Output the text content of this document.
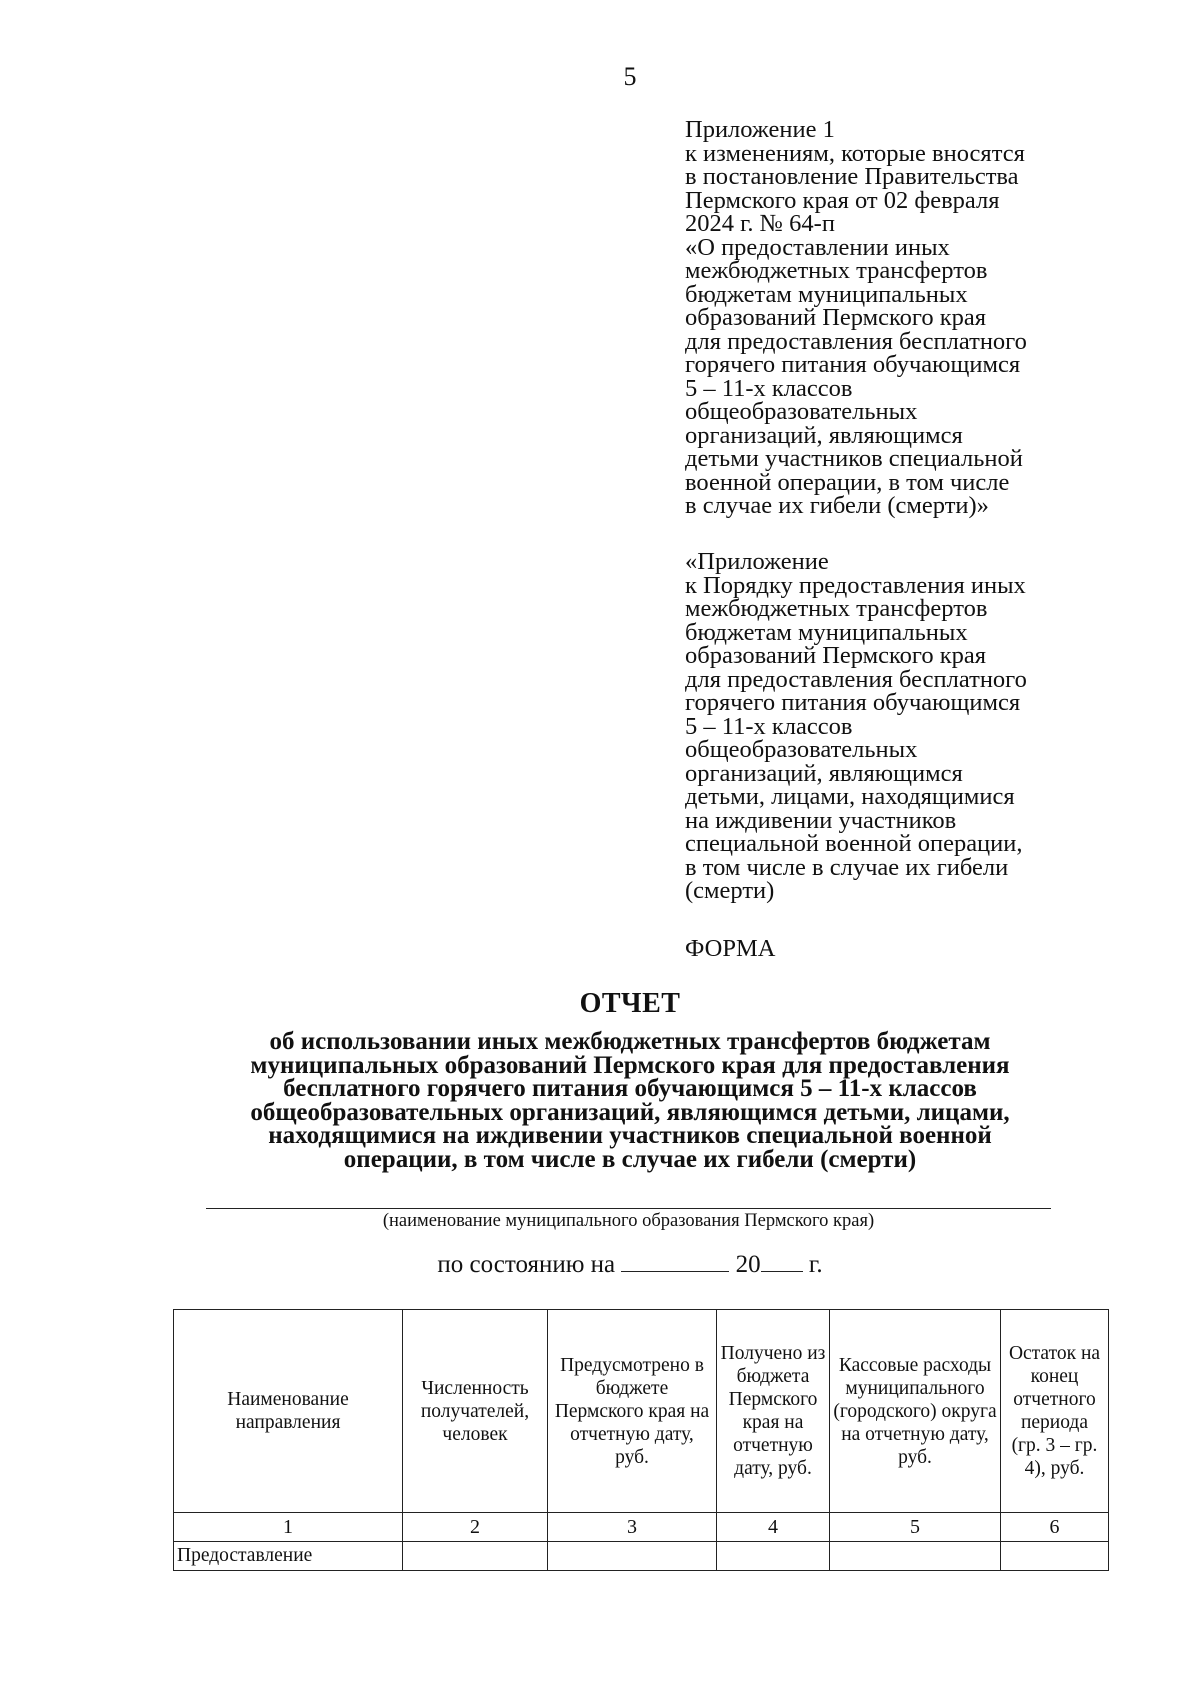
5
Приложение 1
к изменениям, которые вносятся
в постановление Правительства
Пермского края от 02 февраля
2024 г. № 64-п
«О предоставлении иных
межбюджетных трансфертов
бюджетам муниципальных
образований Пермского края
для предоставления бесплатного
горячего питания обучающимся
5 – 11-х классов
общеобразовательных
организаций, являющимся
детьми участников специальной
военной операции, в том числе
в случае их гибели (смерти)»
«Приложение
к Порядку предоставления иных
межбюджетных трансфертов
бюджетам муниципальных
образований Пермского края
для предоставления бесплатного
горячего питания обучающимся
5 – 11-х классов
общеобразовательных
организаций, являющимся
детьми, лицами, находящимися
на иждивении участников
специальной военной операции,
в том числе в случае их гибели
(смерти)
ФОРМА
ОТЧЕТ
об использовании иных межбюджетных трансфертов бюджетам
муниципальных образований Пермского края для предоставления
бесплатного горячего питания обучающимся 5 – 11-х классов
общеобразовательных организаций, являющимся детьми, лицами,
находящимися на иждивении участников специальной военной
операции, в том числе в случае их гибели (смерти)
(наименование муниципального образования Пермского края)
по состоянию на	20 г.
Наименование направления	Численность получателей, человек	Предусмотрено в бюджете Пермского края на отчетную дату, руб.	Получено из бюджета Пермского края на отчетную дату, руб.	Кассовые расходы муниципального (городского) округа на отчетную дату, руб.	Остаток на конец отчетного периода (гр. 3 – гр. 4), руб.
1	2	3	4	5	6
Предоставление					
